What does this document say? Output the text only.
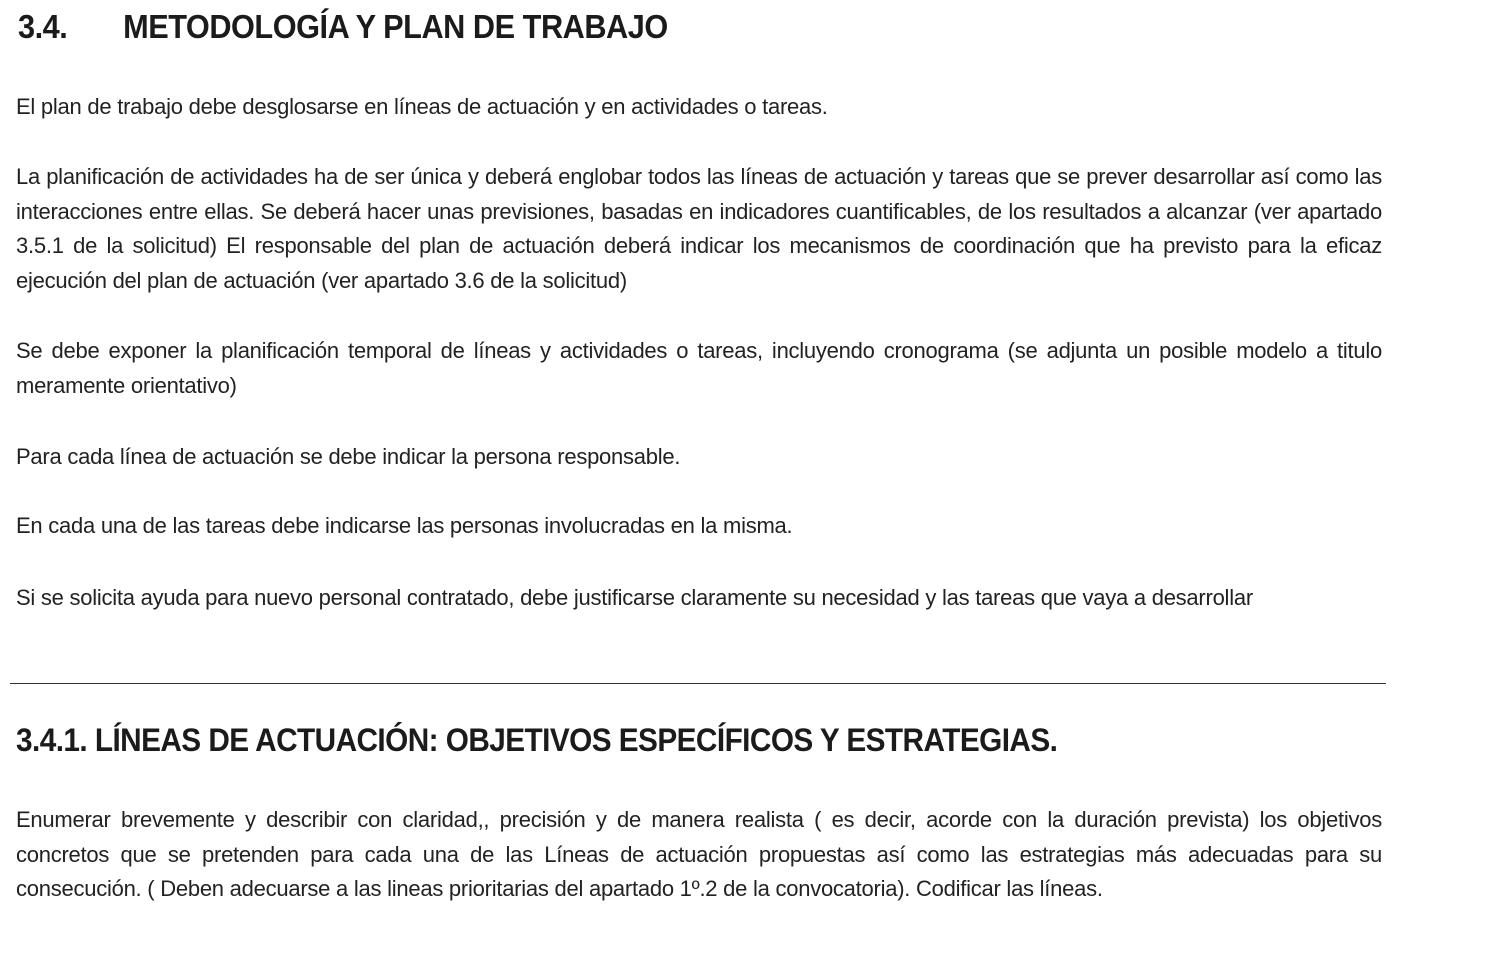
3.4. METODOLOGÍA Y PLAN DE TRABAJO

El plan de trabajo debe desglosarse en líneas de actuación y en actividades o tareas.

La planificación de actividades ha de ser única y deberá englobar todos las líneas de actuación y tareas que se prever desarrollar así como las interacciones entre ellas. Se deberá hacer unas previsiones, basadas en indicadores cuantificables, de los resultados a alcanzar (ver apartado 3.5.1 de la solicitud) El responsable del plan de actuación deberá indicar los mecanismos de coordinación que ha previsto para la eficaz ejecución del plan de actuación (ver apartado 3.6 de la solicitud)

Se debe exponer la planificación temporal de líneas y actividades o tareas, incluyendo cronograma (se adjunta un posible modelo a titulo meramente orientativo)

Para cada línea de actuación se debe indicar la persona responsable.

En cada una de las tareas debe indicarse las personas involucradas en la misma.

Si se solicita ayuda para nuevo personal contratado, debe justificarse claramente su necesidad y las tareas que vaya a desarrollar

3.4.1. LÍNEAS DE ACTUACIÓN: OBJETIVOS ESPECÍFICOS Y ESTRATEGIAS.

Enumerar brevemente y describir con claridad,, precisión y de manera realista ( es decir, acorde con la duración prevista) los objetivos concretos que se pretenden para cada una de las Líneas de actuación propuestas así como las estrategias más adecuadas para su consecución. ( Deben adecuarse a las lineas prioritarias del apartado 1º.2 de la convocatoria). Codificar las líneas.
